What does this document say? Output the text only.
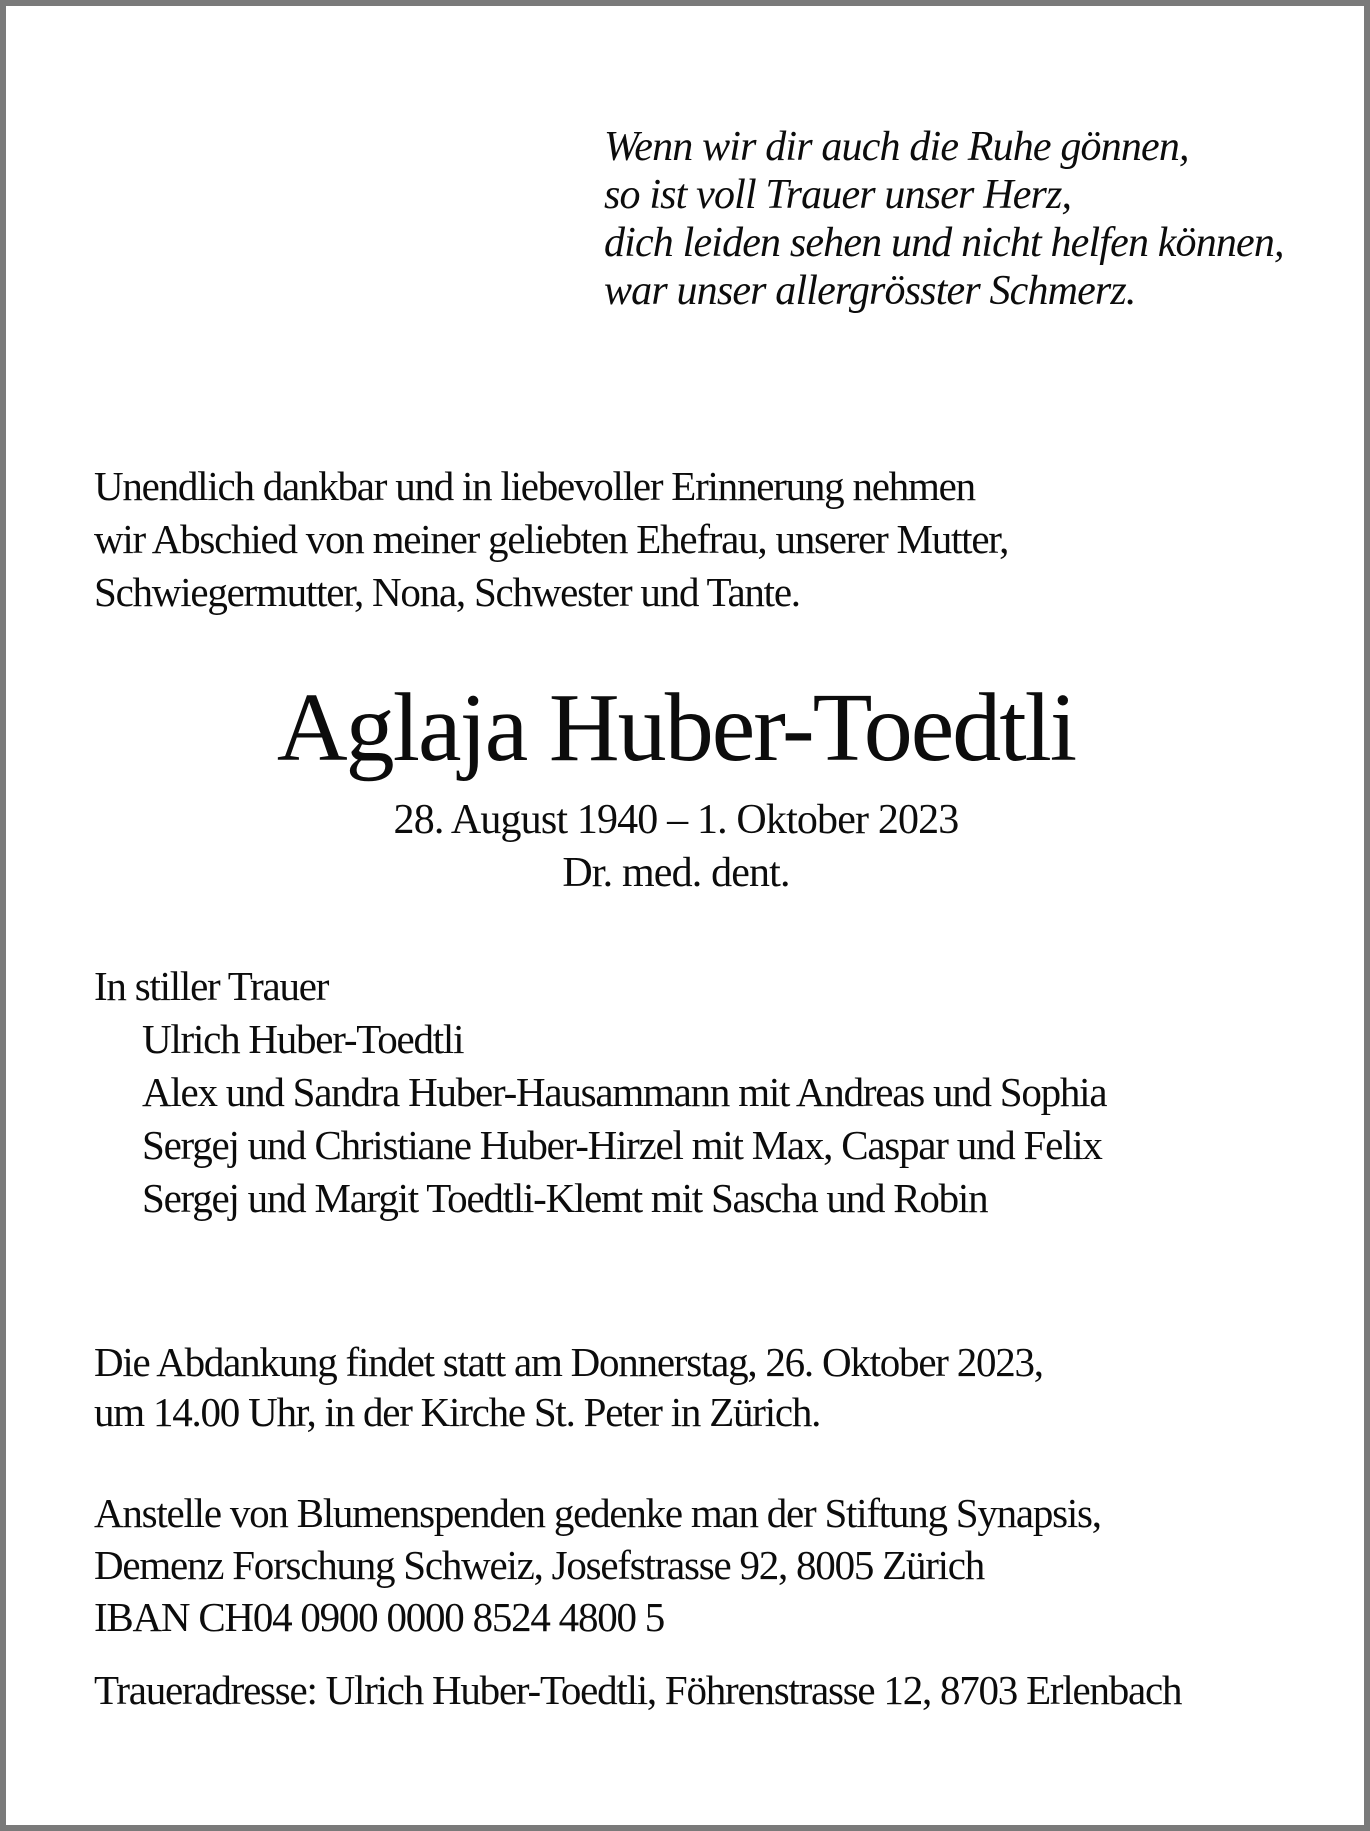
Wenn wir dir auch die Ruhe gönnen,
so ist voll Trauer unser Herz,
dich leiden sehen und nicht helfen können,
war unser allergrösster Schmerz.
Unendlich dankbar und in liebevoller Erinnerung nehmen
wir Abschied von meiner geliebten Ehefrau, unserer Mutter,
Schwiegermutter, Nona, Schwester und Tante.
Aglaja Huber-Toedtli
28. August 1940 – 1. Oktober 2023
Dr. med. dent.
In stiller Trauer
Ulrich Huber-Toedtli
Alex und Sandra Huber-Hausammann mit Andreas und Sophia
Sergej und Christiane Huber-Hirzel mit Max, Caspar und Felix
Sergej und Margit Toedtli-Klemt mit Sascha und Robin
Die Abdankung findet statt am Donnerstag, 26. Oktober 2023,
um 14.00 Uhr, in der Kirche St. Peter in Zürich.
Anstelle von Blumenspenden gedenke man der Stiftung Synapsis,
Demenz Forschung Schweiz, Josefstrasse 92, 8005 Zürich
IBAN CH04 0900 0000 8524 4800 5
Traueradresse: Ulrich Huber-Toedtli, Föhrenstrasse 12, 8703 Erlenbach
